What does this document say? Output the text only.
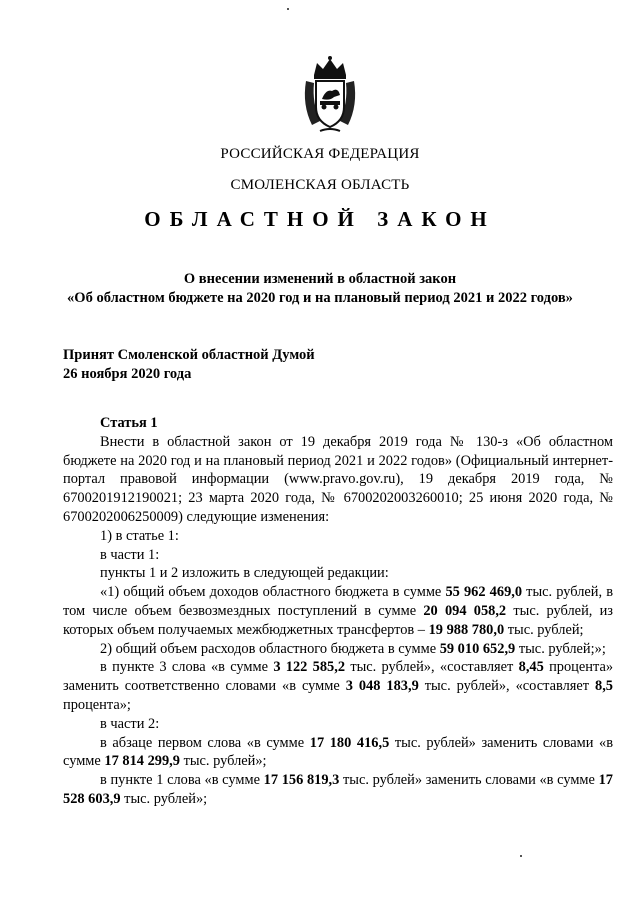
РОССИЙСКАЯ ФЕДЕРАЦИЯ
СМОЛЕНСКАЯ ОБЛАСТЬ
ОБЛАСТНОЙ ЗАКОН
О внесении изменений в областной закон
«Об областном бюджете на 2020 год и на плановый период 2021 и 2022 годов»
Принят Смоленской областной Думой
26 ноября 2020 года

Статья 1

Внести в областной закон от 19 декабря 2019 года № 130-з «Об областном бюджете на 2020 год и на плановый период 2021 и 2022 годов» (Официальный интернет-портал правовой информации (www.pravo.gov.ru), 19 декабря 2019 года, № 6700201912190021; 23 марта 2020 года, № 6700202003260010; 25 июня 2020 года, № 6700202006250009) следующие изменения:

1) в статье 1:

в части 1:

пункты 1 и 2 изложить в следующей редакции:

«1) общий объем доходов областного бюджета в сумме 55 962 469,0 тыс. рублей, в том числе объем безвозмездных поступлений в сумме 20 094 058,2 тыс. рублей, из которых объем получаемых межбюджетных трансфертов – 19 988 780,0 тыс. рублей;

2) общий объем расходов областного бюджета в сумме 59 010 652,9 тыс. рублей;»;

в пункте 3 слова «в сумме 3 122 585,2 тыс. рублей», «составляет 8,45 процента» заменить соответственно словами «в сумме 3 048 183,9 тыс. рублей», «составляет 8,5 процента»;

в части 2:

в абзаце первом слова «в сумме 17 180 416,5 тыс. рублей» заменить словами «в сумме 17 814 299,9 тыс. рублей»;

в пункте 1 слова «в сумме 17 156 819,3 тыс. рублей» заменить словами «в сумме 17 528 603,9 тыс. рублей»;
